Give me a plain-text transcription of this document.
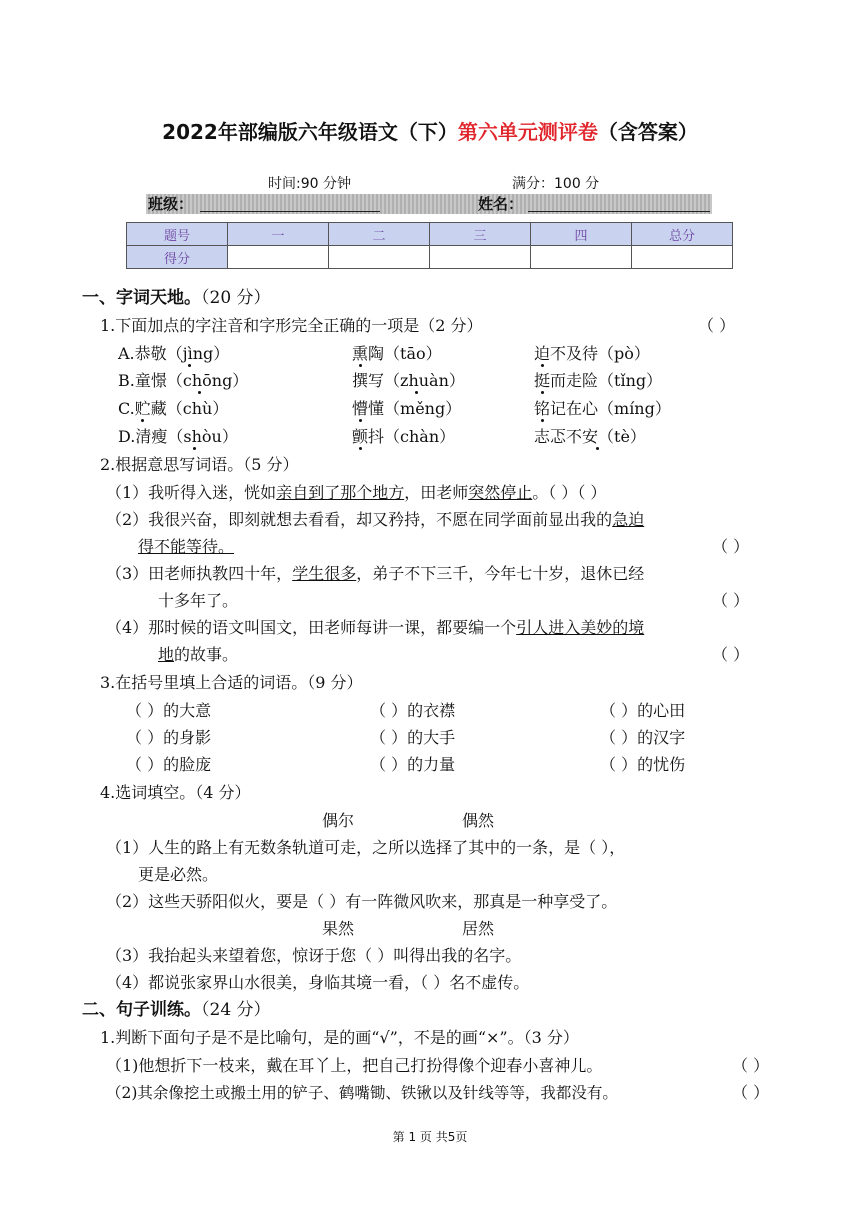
2022年部编版六年级语文（下）第六单元测评卷（含答案）
时间:90 分钟	满分：100 分
班级：	姓名：
题号	一	二	三	四	总分
得分					
一、字词天地。（20 分）
1.下面加点的字注音和字形完全正确的一项是（2 分）	（ ）
A.恭敬（jìng）	熏陶（tāo）	迫不及待（pò）
B.童憬（chōng）	撰写（zhuàn）	挺而走险（tǐng）
C.贮藏（chù）	懵懂（měng）	铭记在心（míng）
D.清瘦（shòu）	颤抖（chàn）	志忑不安（tè）
2.根据意思写词语。（5 分）
（1）我听得入迷，恍如亲自到了那个地方，田老师突然停止。（ ）（ ）
（2）我很兴奋，即刻就想去看看，却又矜持，不愿在同学面前显出我的急迫
得不能等待。	（ ）
（3）田老师执教四十年，学生很多，弟子不下三千，今年七十岁，退休已经
十多年了。	（ ）
（4）那时候的语文叫国文，田老师每讲一课，都要编一个引人进入美妙的境
地的故事。	（ ）
3.在括号里填上合适的词语。（9 分）
（ ）的大意	（ ）的衣襟	（ ）的心田
（ ）的身影	（ ）的大手	（ ）的汉字
（ ）的脸庞	（ ）的力量	（ ）的忧伤
4.选词填空。（4 分）
偶尔	偶然
（1）人生的路上有无数条轨道可走，之所以选择了其中的一条，是（ ），
更是必然。
（2）这些天骄阳似火，要是（ ）有一阵微风吹来，那真是一种享受了。
果然	居然
（3）我抬起头来望着您，惊讶于您（ ）叫得出我的名字。
（4）都说张家界山水很美，身临其境一看，（ ）名不虚传。
二、句子训练。（24 分）
1.判断下面句子是不是比喻句，是的画“√”，不是的画“×”。（3 分）
（1)他想折下一枝来，戴在耳丫上，把自己打扮得像个迎春小喜神儿。	（ ）
（2)其余像挖土或搬土用的铲子、鹤嘴锄、铁锹以及针线等等，我都没有。	（ ）
第 1 页 共5页
